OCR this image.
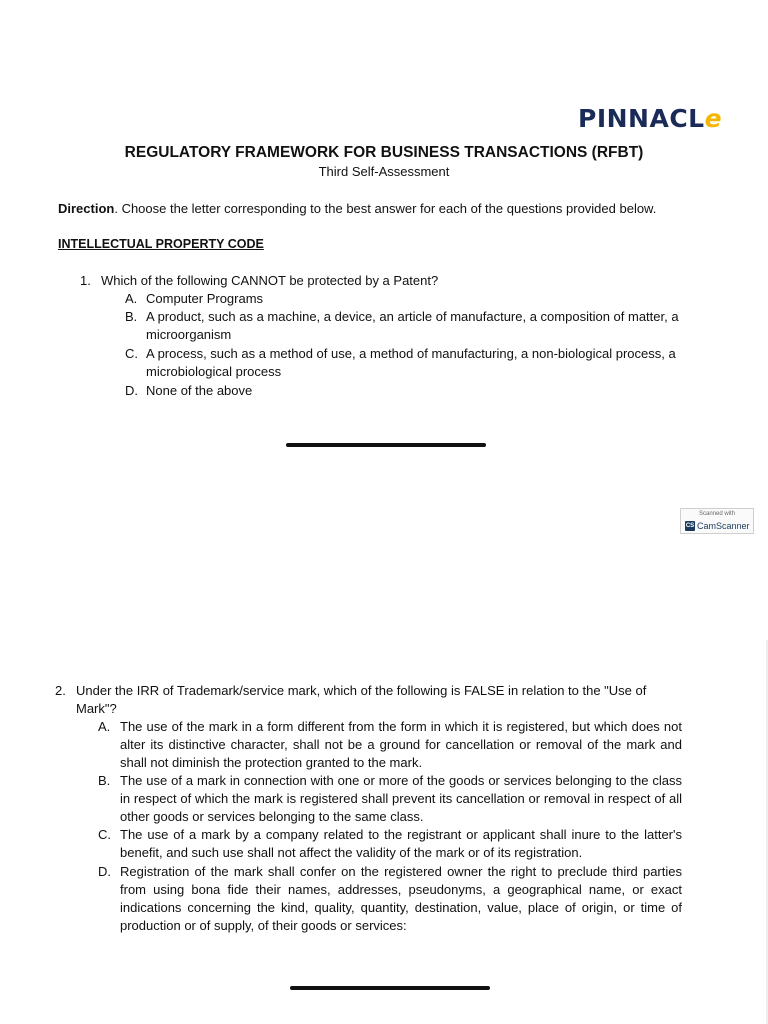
PINNACLe
REGULATORY FRAMEWORK FOR BUSINESS TRANSACTIONS (RFBT)
Third Self-Assessment
Direction. Choose the letter corresponding to the best answer for each of the questions provided below.
INTELLECTUAL PROPERTY CODE
1. Which of the following CANNOT be protected by a Patent?
A. Computer Programs
B. A product, such as a machine, a device, an article of manufacture, a composition of matter, a microorganism
C. A process, such as a method of use, a method of manufacturing, a non-biological process, a microbiological process
D. None of the above
Scanned with
CS CamScanner
2. Under the IRR of Trademark/service mark, which of the following is FALSE in relation to the "Use of Mark"?
A. The use of the mark in a form different from the form in which it is registered, but which does not alter its distinctive character, shall not be a ground for cancellation or removal of the mark and shall not diminish the protection granted to the mark.
B. The use of a mark in connection with one or more of the goods or services belonging to the class in respect of which the mark is registered shall prevent its cancellation or removal in respect of all other goods or services belonging to the same class.
C. The use of a mark by a company related to the registrant or applicant shall inure to the latter's benefit, and such use shall not affect the validity of the mark or of its registration.
D. Registration of the mark shall confer on the registered owner the right to preclude third parties from using bona fide their names, addresses, pseudonyms, a geographical name, or exact indications concerning the kind, quality, quantity, destination, value, place of origin, or time of production or of supply, of their goods or services:
